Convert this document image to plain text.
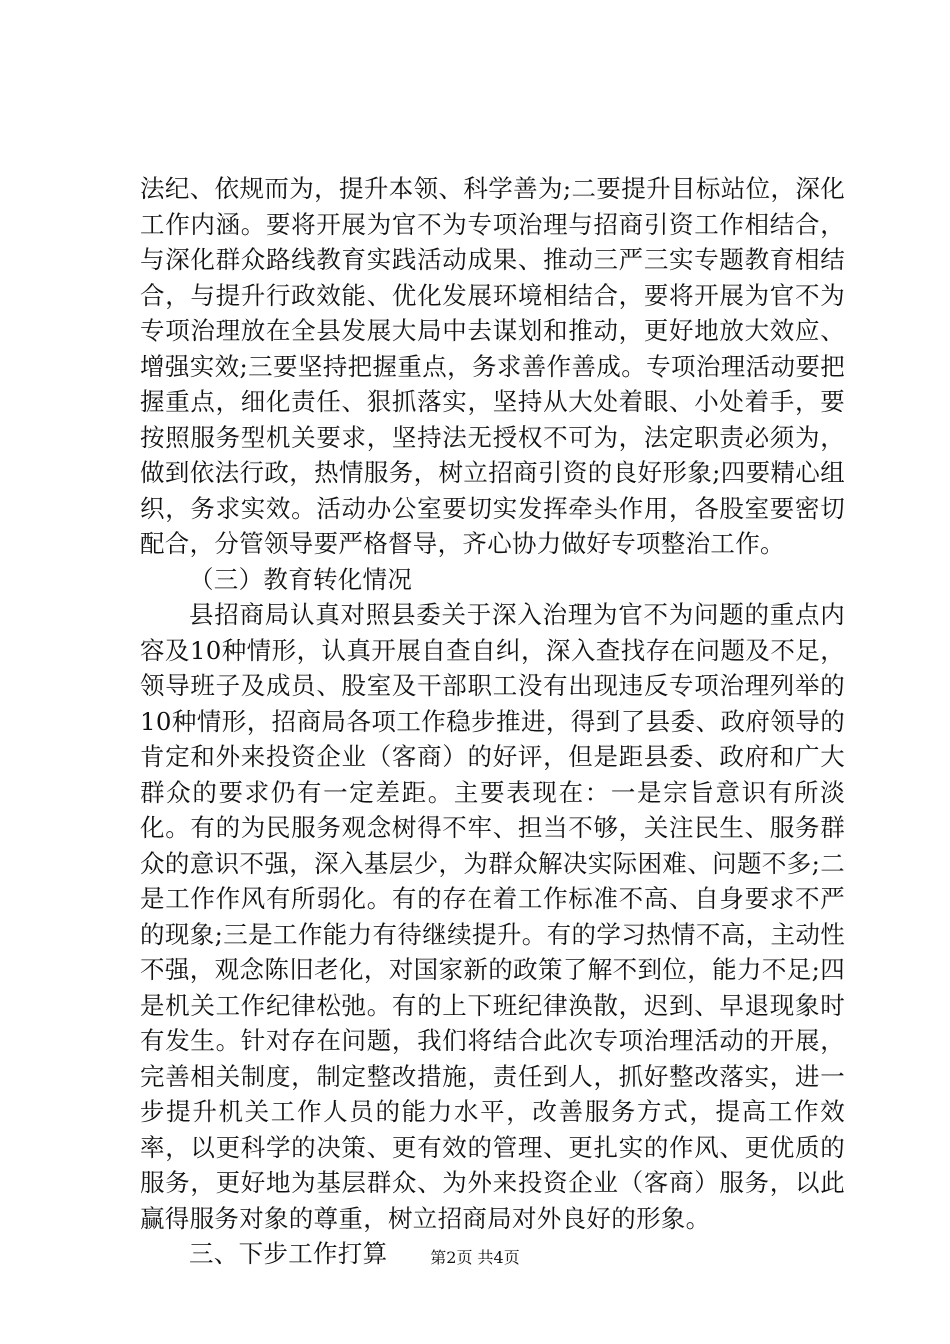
法纪、依规而为，提升本领、科学善为;二要提升目标站位，深化工作内涵。要将开展为官不为专项治理与招商引资工作相结合，与深化群众路线教育实践活动成果、推动三严三实专题教育相结合，与提升行政效能、优化发展环境相结合，要将开展为官不为专项治理放在全县发展大局中去谋划和推动，更好地放大效应、增强实效;三要坚持把握重点，务求善作善成。专项治理活动要把握重点，细化责任、狠抓落实，坚持从大处着眼、小处着手，要按照服务型机关要求，坚持法无授权不可为，法定职责必须为，做到依法行政，热情服务，树立招商引资的良好形象;四要精心组织，务求实效。活动办公室要切实发挥牵头作用，各股室要密切配合，分管领导要严格督导，齐心协力做好专项整治工作。

（三）教育转化情况

县招商局认真对照县委关于深入治理为官不为问题的重点内容及10种情形，认真开展自查自纠，深入查找存在问题及不足，领导班子及成员、股室及干部职工没有出现违反专项治理列举的10种情形，招商局各项工作稳步推进，得到了县委、政府领导的肯定和外来投资企业（客商）的好评，但是距县委、政府和广大群众的要求仍有一定差距。主要表现在：一是宗旨意识有所淡化。有的为民服务观念树得不牢、担当不够，关注民生、服务群众的意识不强，深入基层少，为群众解决实际困难、问题不多;二是工作作风有所弱化。有的存在着工作标准不高、自身要求不严的现象;三是工作能力有待继续提升。有的学习热情不高，主动性不强，观念陈旧老化，对国家新的政策了解不到位，能力不足;四是机关工作纪律松弛。有的上下班纪律涣散，迟到、早退现象时有发生。针对存在问题，我们将结合此次专项治理活动的开展，完善相关制度，制定整改措施，责任到人，抓好整改落实，进一步提升机关工作人员的能力水平，改善服务方式，提高工作效率，以更科学的决策、更有效的管理、更扎实的作风、更优质的服务，更好地为基层群众、为外来投资企业（客商）服务，以此赢得服务对象的尊重，树立招商局对外良好的形象。

三、下步工作打算	第2页 共4页
